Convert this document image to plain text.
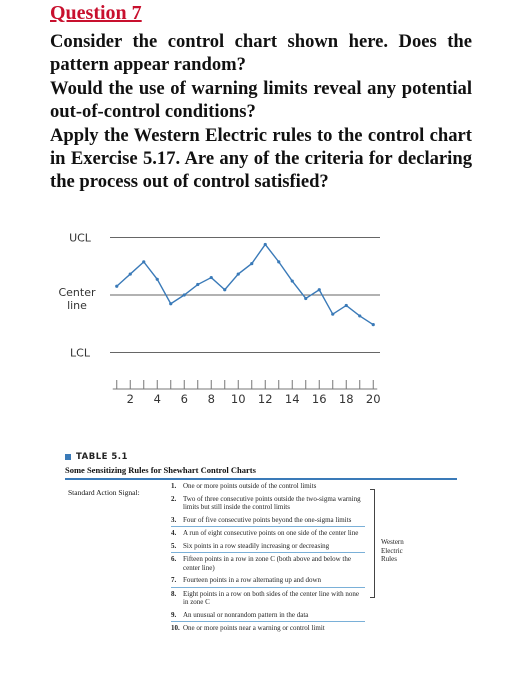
Question 7

Consider the control chart shown here. Does the pattern appear random?

Would the use of warning limits reveal any potential out-of-control conditions?

Apply the Western Electric rules to the control chart in Exercise 5.17. Are any of the criteria for declaring the process out of control satisfied?

UCL
Center
line
LCL
2 4 6 8 10 12 14 16 18 20
TABLE 5.1
Some Sensitizing Rules for Shewhart Control Charts
Standard Action Signal:
1. One or more points outside of the control limits
2. Two of three consecutive points outside the two-sigma warning limits but still inside the control limits
3. Four of five consecutive points beyond the one-sigma limits
4. A run of eight consecutive points on one side of the center line
5. Six points in a row steadily increasing or decreasing
6. Fifteen points in a row in zone C (both above and below the center line)
7. Fourteen points in a row alternating up and down
8. Eight points in a row on both sides of the center line with none in zone C
9. An unusual or nonrandom pattern in the data
10. One or more points near a warning or control limit
Western
Electric
Rules
